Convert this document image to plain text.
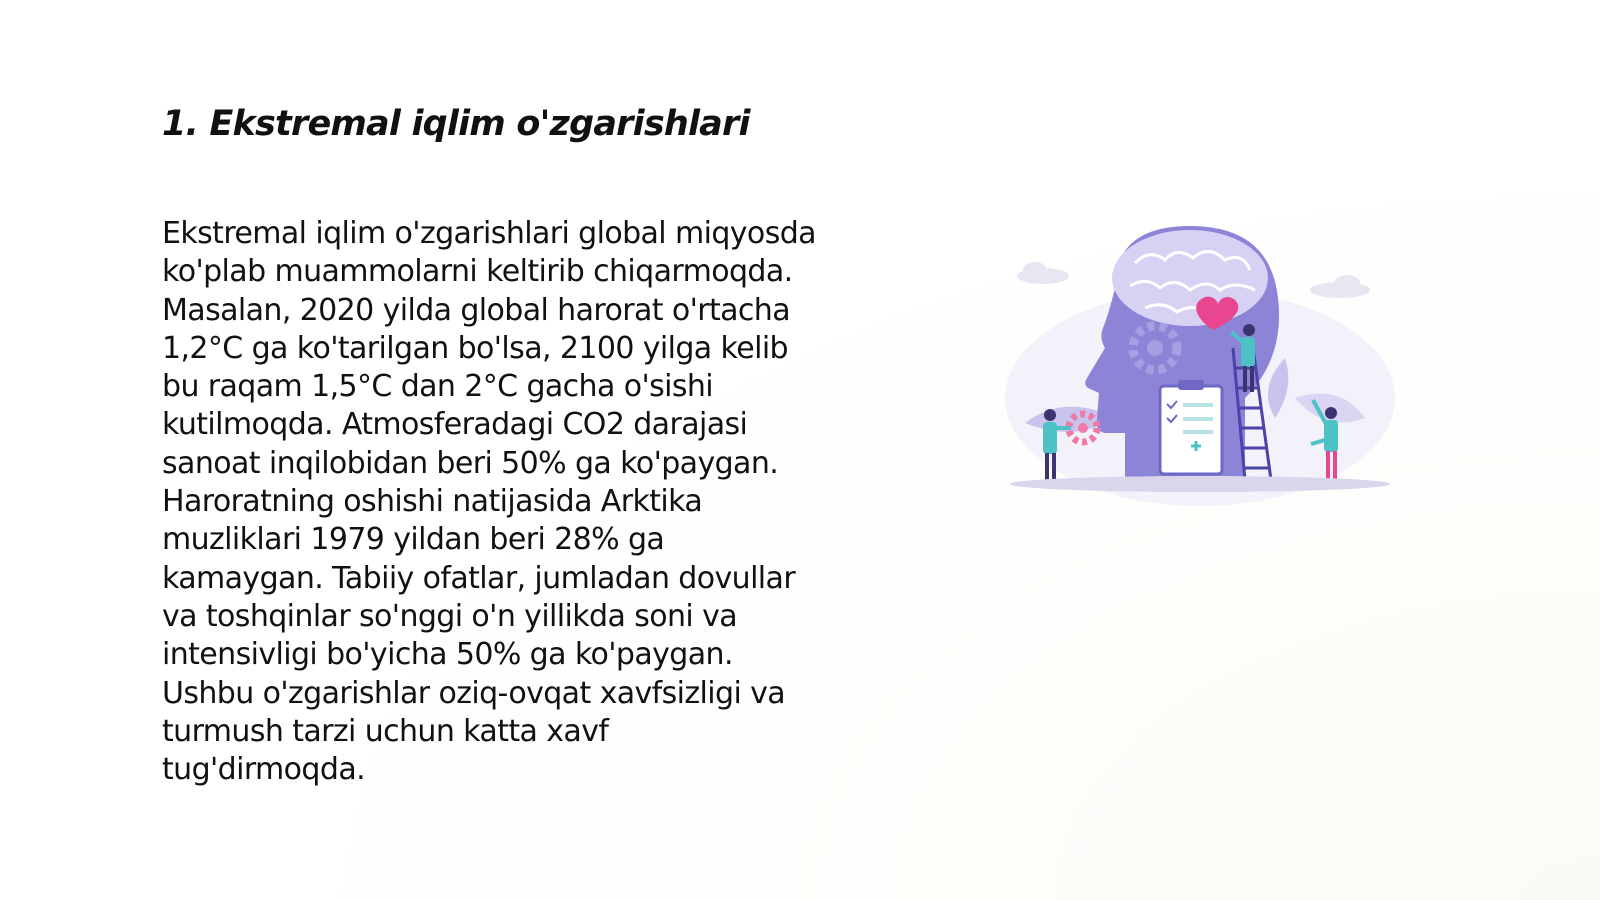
1. Ekstremal iqlim o'zgarishlari
Ekstremal iqlim o'zgarishlari global miqyosda
ko'plab muammolarni keltirib chiqarmoqda.
Masalan, 2020 yilda global harorat o'rtacha
1,2°C ga ko'tarilgan bo'lsa, 2100 yilga kelib
bu raqam 1,5°C dan 2°C gacha o'sishi
kutilmoqda. Atmosferadagi CO2 darajasi
sanoat inqilobidan beri 50% ga ko'paygan.
Haroratning oshishi natijasida Arktika
muzliklari 1979 yildan beri 28% ga
kamaygan. Tabiiy ofatlar, jumladan dovullar
va toshqinlar so'nggi o'n yillikda soni va
intensivligi bo'yicha 50% ga ko'paygan.
Ushbu o'zgarishlar oziq-ovqat xavfsizligi va
turmush tarzi uchun katta xavf
tug'dirmoqda.
